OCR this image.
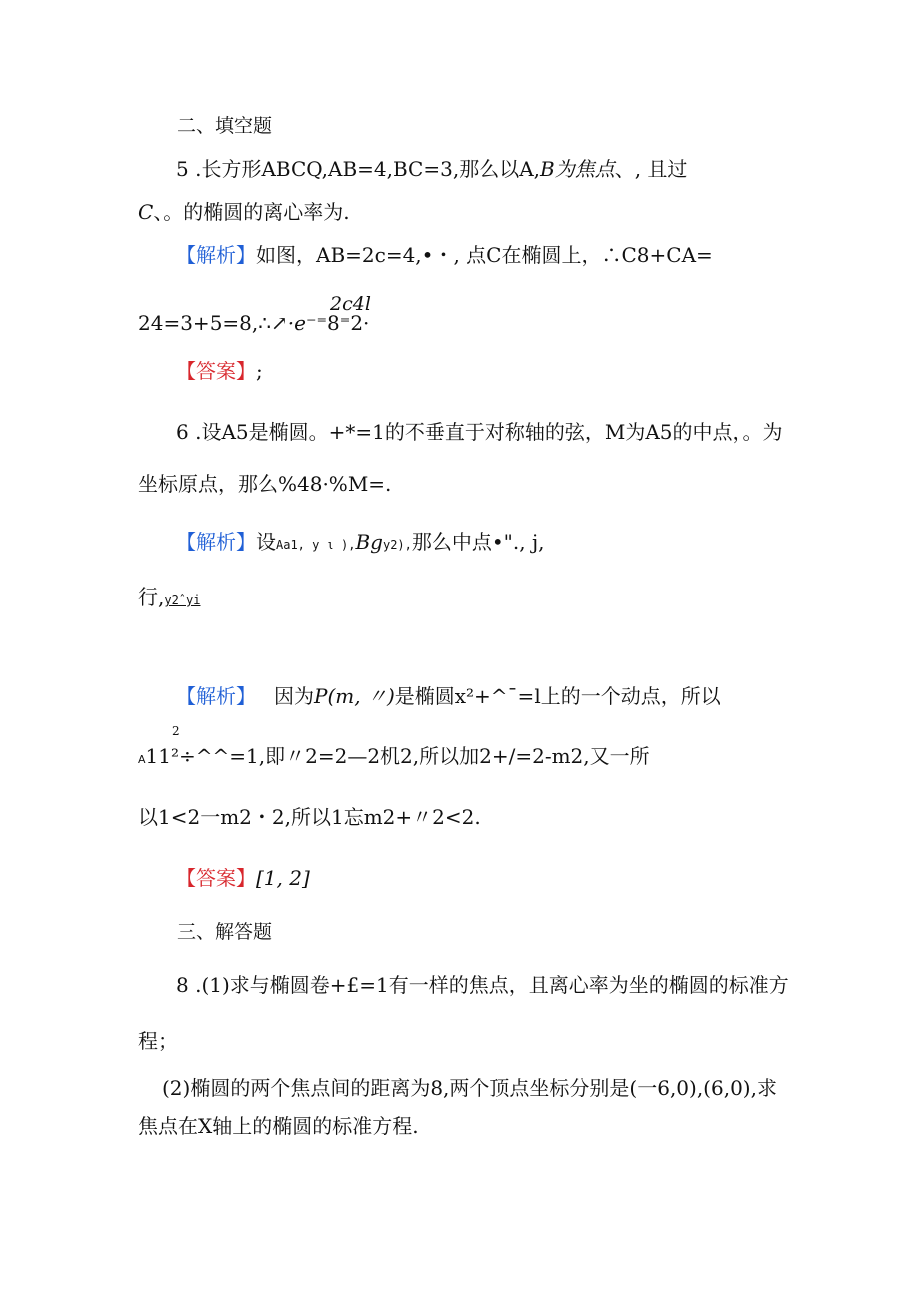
二、填空题
5 .长方形ABCQ,AB=4,BC=3,那么以A,B为焦点、, 且过
C、。的椭圆的离心率为.
【解析】如图，AB=2c=4,•・, 点C在椭圆上，∴C8+CA=
2c4l
24=3+5=8,∴↗·e⁻⁼8⁼2·
【答案】;
6 .设A5是椭圆。+*=1的不垂直于对称轴的弦，M为A5的中点，。为
坐标原点，那么%48·%M=.
【解析】设Aa1, y ι ),Bgy2),那么中点•"., j,
行,y2ˆyi
【解析】 因为P(m, 〃)是椭圆x²+^ˉ=l上的一个动点，所以
2
A11²÷^^=1,即〃2=2—2机2,所以加2+/=2-m2,又一所
以1<2一m2・2,所以1忘m2+〃2<2.
【答案】[1, 2]
三、解答题
8 .(1)求与椭圆卷+£=1有一样的焦点，且离心率为坐的椭圆的标准方
程；
(2)椭圆的两个焦点间的距离为8,两个顶点坐标分别是(一6,0),(6,0),求
焦点在X轴上的椭圆的标准方程.
